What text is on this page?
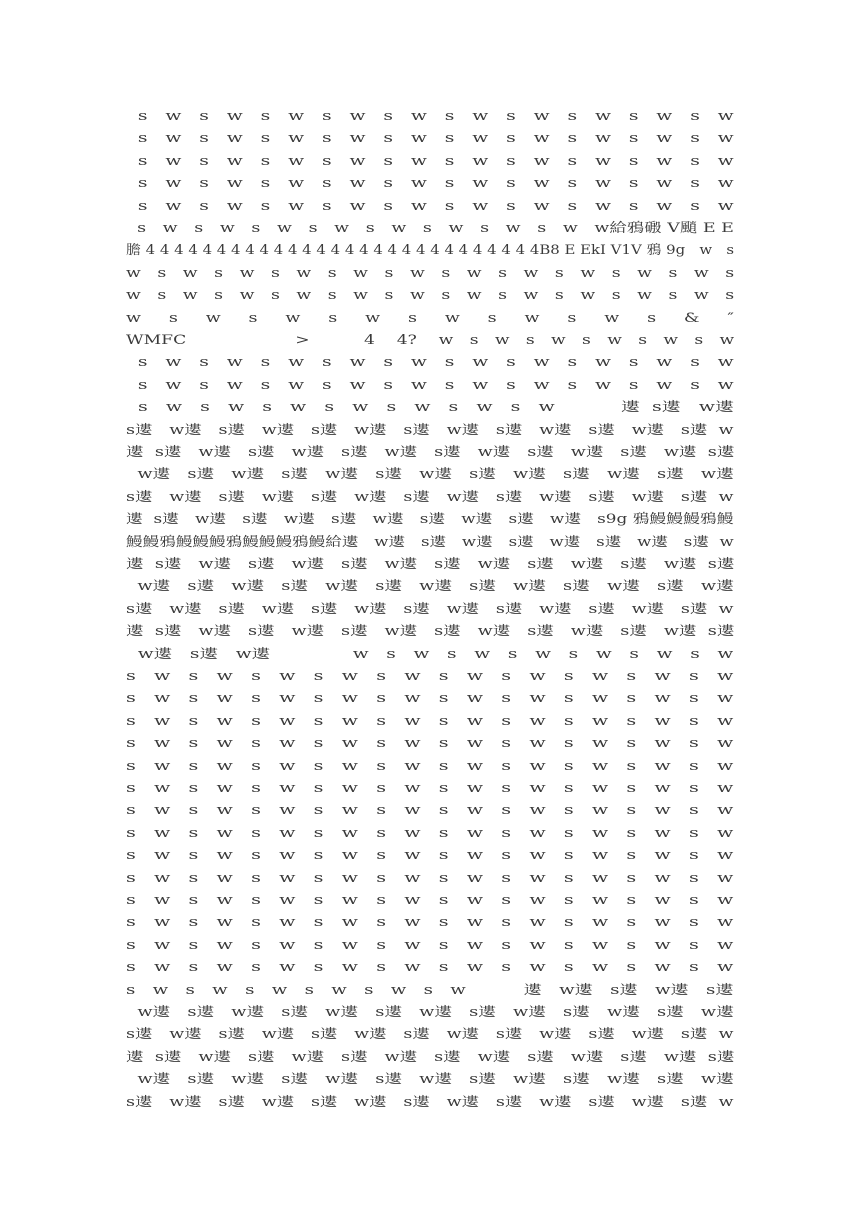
s   w   s   w   s   w   s   w   s   w   s   w   s   w   s   w   s   w   s   w
s   w   s   w   s   w   s   w   s   w   s   w   s   w   s   w   s   w   s   w
s   w   s   w   s   w   s   w   s   w   s   w   s   w   s   w   s   w   s   w
s   w   s   w   s   w   s   w   s   w   s   w   s   w   s   w   s   w   s   w
s   w   s   w   s   w   s   w   s   w   s   w   s   w   s   w   s   w   s   w
s   w   s   w   s   w   s   w   s   w   s   w   s   w   s   w   w給鴉磤 V颵 E E
膽 4 4 4 4 4 4 4 4 4 4 4 4 4 4 4 4 4 4 4 4 4 4 4 4 4 4 4 4B8 E EkI V1V 鴉 9g   w   s
w   s   w   s   w   s   w   s   w   s   w   s   w   s   w   s   w   s   w   s   w   s
w   s   w   s   w   s   w   s   w   s   w   s   w   s   w   s   w   s   w   s   w   s
w     s     w     s     w     s     w     s     w     s     w     s     w     s     &     ″
WMFC                    >          4    4?    w   s   w   s   w   s   w   s   w   s   w
s   w   s   w   s   w   s   w   s   w   s   w   s   w   s   w   s   w   s   w
s   w   s   w   s   w   s   w   s   w   s   w   s   w   s   w   s   w   s   w
s   w   s   w   s   w   s   w   s   w   s   w   s   w           遱  s遱   w遱
s遱   w遱   s遱   w遱   s遱   w遱   s遱   w遱   s遱   w遱   s遱   w遱   s遱  w
遱  s遱   w遱   s遱   w遱   s遱   w遱   s遱   w遱   s遱   w遱   s遱   w遱  s遱
w遱   s遱   w遱   s遱   w遱   s遱   w遱   s遱   w遱   s遱   w遱   s遱   w遱
s遱   w遱   s遱   w遱   s遱   w遱   s遱   w遱   s遱   w遱   s遱   w遱   s遱  w
遱  s遱   w遱   s遱   w遱   s遱   w遱   s遱   w遱   s遱   w遱   s9g 鴉鰻鰻鰻鴉鰻
鰻鰻鴉鰻鰻鰻鴉鰻鰻鰻鴉鰻給遱   w遱   s遱   w遱   s遱   w遱   s遱   w遱   s遱  w
遱  s遱   w遱   s遱   w遱   s遱   w遱   s遱   w遱   s遱   w遱   s遱   w遱  s遱
w遱   s遱   w遱   s遱   w遱   s遱   w遱   s遱   w遱   s遱   w遱   s遱   w遱
s遱   w遱   s遱   w遱   s遱   w遱   s遱   w遱   s遱   w遱   s遱   w遱   s遱  w
遱  s遱   w遱   s遱   w遱   s遱   w遱   s遱   w遱   s遱   w遱   s遱   w遱  s遱
w遱   s遱   w遱              w   s   w   s   w   s   w   s   w   s   w   s   w
s   w   s   w   s   w   s   w   s   w   s   w   s   w   s   w   s   w   s   w
s   w   s   w   s   w   s   w   s   w   s   w   s   w   s   w   s   w   s   w
s   w   s   w   s   w   s   w   s   w   s   w   s   w   s   w   s   w   s   w
s   w   s   w   s   w   s   w   s   w   s   w   s   w   s   w   s   w   s   w
s   w   s   w   s   w   s   w   s   w   s   w   s   w   s   w   s   w   s   w
s   w   s   w   s   w   s   w   s   w   s   w   s   w   s   w   s   w   s   w
s   w   s   w   s   w   s   w   s   w   s   w   s   w   s   w   s   w   s   w
s   w   s   w   s   w   s   w   s   w   s   w   s   w   s   w   s   w   s   w
s   w   s   w   s   w   s   w   s   w   s   w   s   w   s   w   s   w   s   w
s   w   s   w   s   w   s   w   s   w   s   w   s   w   s   w   s   w   s   w
s   w   s   w   s   w   s   w   s   w   s   w   s   w   s   w   s   w   s   w
s   w   s   w   s   w   s   w   s   w   s   w   s   w   s   w   s   w   s   w
s   w   s   w   s   w   s   w   s   w   s   w   s   w   s   w   s   w   s   w
s   w   s   w   s   w   s   w   s   w   s   w   s   w   s   w   s   w   s   w
s   w   s   w   s   w   s   w   s   w   s   w          遱   w遱   s遱   w遱   s遱
w遱   s遱   w遱   s遱   w遱   s遱   w遱   s遱   w遱   s遱   w遱   s遱   w遱
s遱   w遱   s遱   w遱   s遱   w遱   s遱   w遱   s遱   w遱   s遱   w遱   s遱  w
遱  s遱   w遱   s遱   w遱   s遱   w遱   s遱   w遱   s遱   w遱   s遱   w遱  s遱
w遱   s遱   w遱   s遱   w遱   s遱   w遱   s遱   w遱   s遱   w遱   s遱   w遱
s遱   w遱   s遱   w遱   s遱   w遱   s遱   w遱   s遱   w遱   s遱   w遱   s遱  w
